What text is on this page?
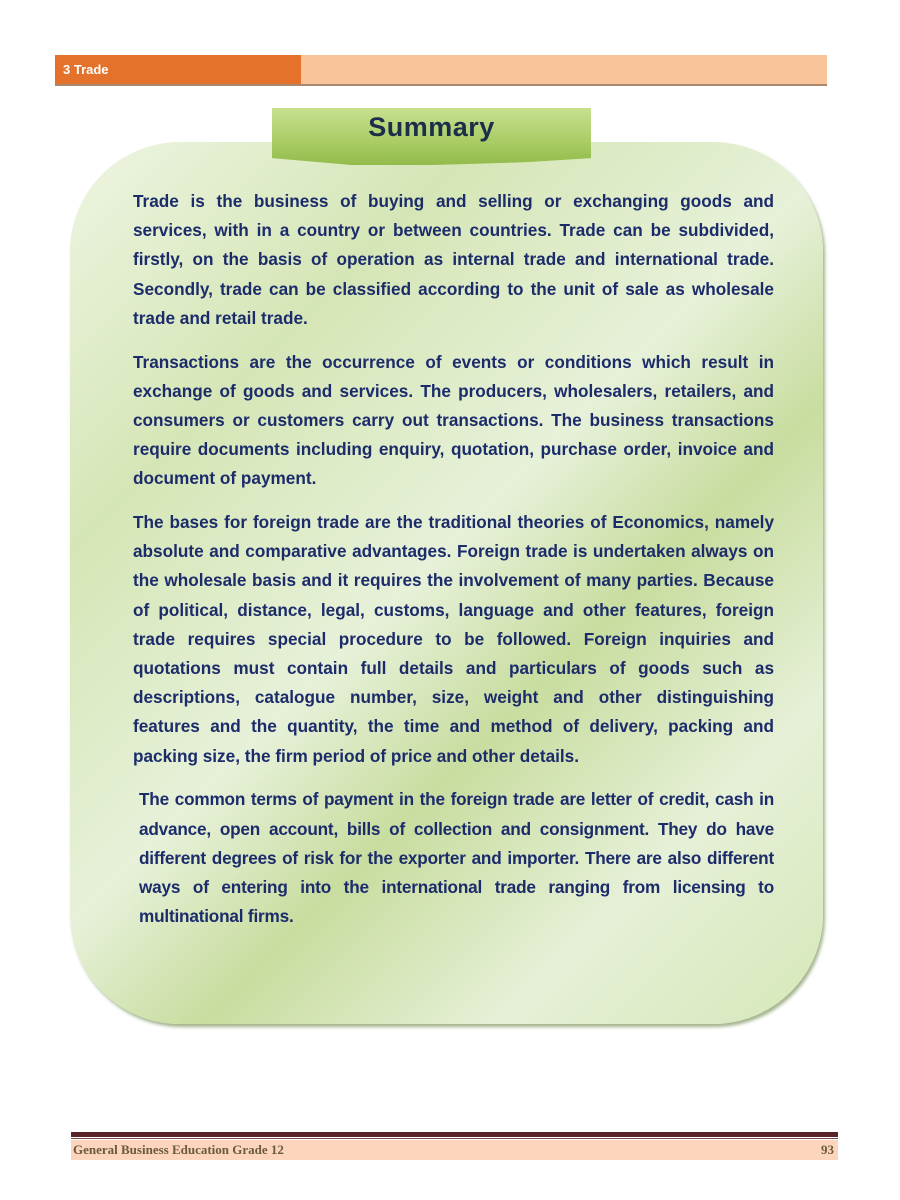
3 Trade
Summary

Trade is the business of buying and selling or exchanging goods and services, with in a country or between countries. Trade can be subdivided, firstly, on the basis of operation as internal trade and international trade. Secondly, trade can be classified according to the unit of sale as wholesale trade and retail trade.

Transactions are the occurrence of events or conditions which result in exchange of goods and services. The producers, wholesalers, retailers, and consumers or customers carry out transactions. The business transactions require documents including enquiry, quotation, purchase order, invoice and document of payment.

The bases for foreign trade are the traditional theories of Economics, namely absolute and comparative advantages. Foreign trade is undertaken always on the wholesale basis and it requires the involvement of many parties. Because of political, distance, legal, customs, language and other features, foreign trade requires special procedure to be followed. Foreign inquiries and quotations must contain full details and particulars of goods such as descriptions, catalogue number, size, weight and other distinguishing features and the quantity, the time and method of delivery, packing and packing size, the firm period of price and other details.

The common terms of payment in the foreign trade are letter of credit, cash in advance, open account, bills of collection and consignment. They do have different degrees of risk for the exporter and importer. There are also different ways of entering into the international trade ranging from licensing to multinational firms.

General Business Education Grade 12	93
